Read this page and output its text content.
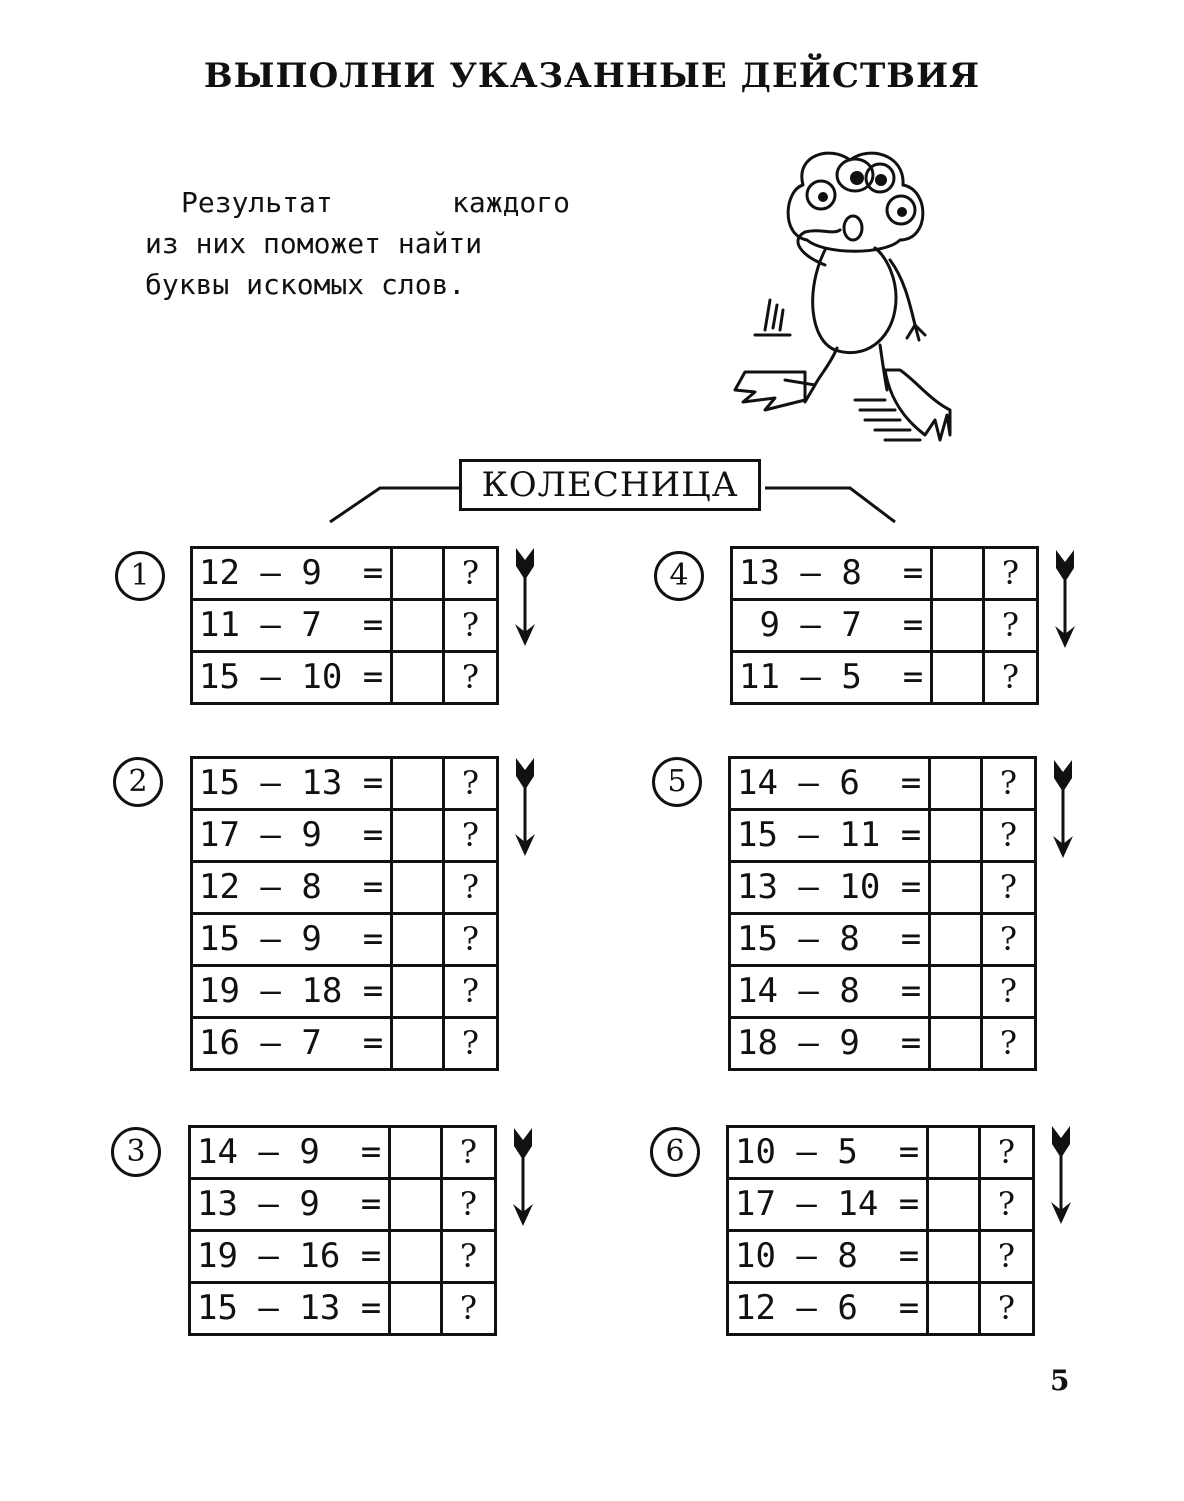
ВЫПОЛНИ УКАЗАННЫЕ ДЕЙСТВИЯ
Результат каждого
из них поможет найти
буквы искомых слов.
КОЛЕСНИЦА
1	12 – 9  =	?
11 – 7  =	?
15 – 10 =	?
2	15 – 13 =	?
17 – 9  =	?
12 – 8  =	?
15 – 9  =	?
19 – 18 =	?
16 – 7  =	?
3	14 – 9  =	?
13 – 9  =	?
19 – 16 =	?
15 – 13 =	?
4	13 – 8  =	?
9 – 7  =	?
11 – 5  =	?
5	14 – 6  =	?
15 – 11 =	?
13 – 10 =	?
15 – 8  =	?
14 – 8  =	?
18 – 9  =	?
6	10 – 5  =	?
17 – 14 =	?
10 – 8  =	?
12 – 6  =	?
5
